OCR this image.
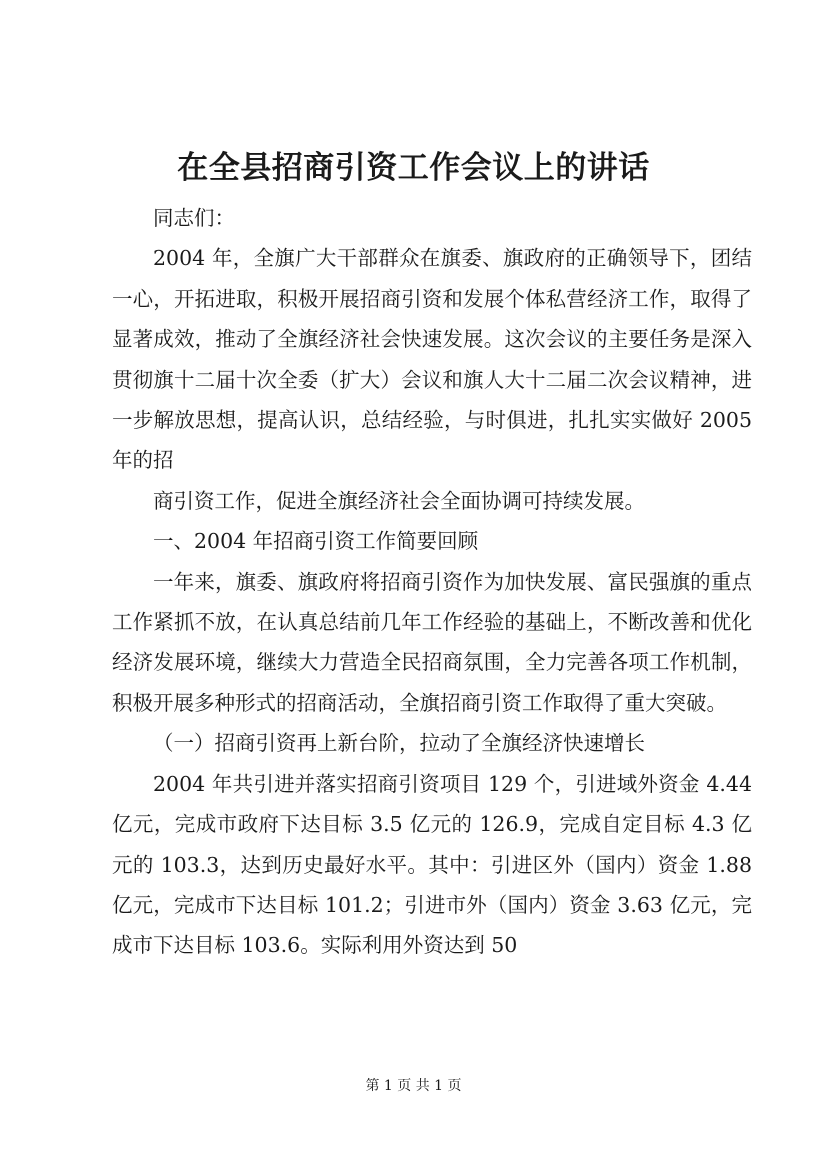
在全县招商引资工作会议上的讲话

同志们：

2004 年，全旗广大干部群众在旗委、旗政府的正确领导下，团结一心，开拓进取，积极开展招商引资和发展个体私营经济工作，取得了显著成效，推动了全旗经济社会快速发展。这次会议的主要任务是深入贯彻旗十二届十次全委（扩大）会议和旗人大十二届二次会议精神，进一步解放思想，提高认识，总结经验，与时俱进，扎扎实实做好 2005 年的招

商引资工作，促进全旗经济社会全面协调可持续发展。

一、2004 年招商引资工作简要回顾

一年来，旗委、旗政府将招商引资作为加快发展、富民强旗的重点工作紧抓不放，在认真总结前几年工作经验的基础上，不断改善和优化经济发展环境，继续大力营造全民招商氛围，全力完善各项工作机制，积极开展多种形式的招商活动，全旗招商引资工作取得了重大突破。

（一）招商引资再上新台阶，拉动了全旗经济快速增长

2004 年共引进并落实招商引资项目 129 个，引进域外资金 4.44 亿元，完成市政府下达目标 3.5 亿元的 126.9，完成自定目标 4.3 亿元的 103.3，达到历史最好水平。其中：引进区外（国内）资金 1.88 亿元，完成市下达目标 101.2；引进市外（国内）资金 3.63 亿元，完成市下达目标 103.6。实际利用外资达到 50

第 1 页 共 1 页
